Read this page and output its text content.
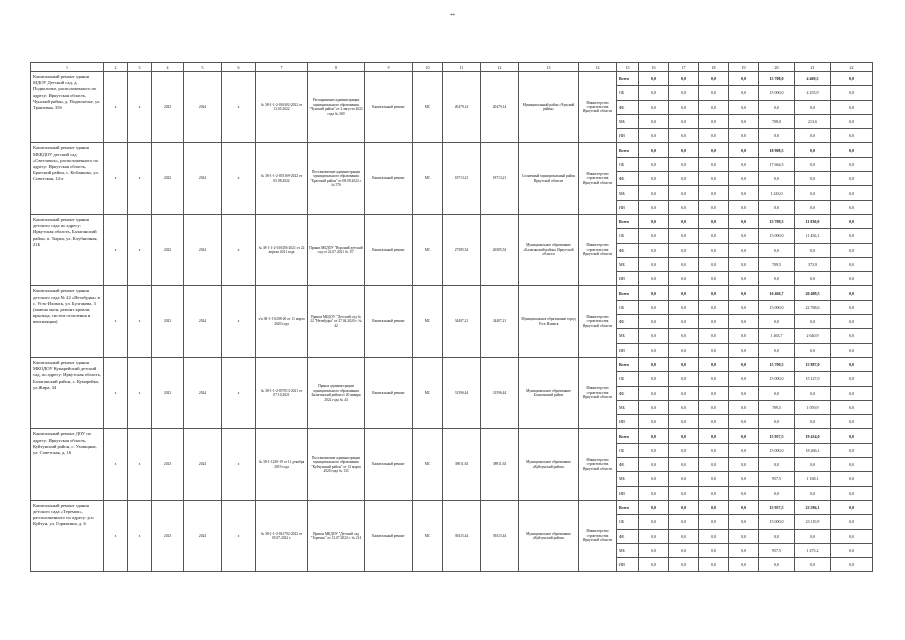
**
1	2	3	4	5	6	7	8	9	10	11	12	13	14	15	16	17	18	19	20	21	22
Капитальный ремонт здания МДОУ Детский сад, д. Подволочье, расположенного по адресу: Иркутская область, Чунский район, д. Подволочье, ул. Трактовая, 35б	х	х	2023	2024	х	№ 38-1-1-2-016302-2022 от 13.05.2022	Распоряжение администрации муниципального образования "Чунский район" от 2 августа 2022 года № 369	Капитальный ремонт	МС	20479,14	20479,14	Муниципальный район «Чунский район»	Министерство строительства Иркутской области	Всего	0,0	0,0	0,0	0,0	15 708,0	4 469,5	0,0
														ОБ	0,0	0,0	0,0	0,0	15 000,0	4 255,9	0,0
														ФБ	0,0	0,0	0,0	0,0	0,0	0,0	0,0
														МБ	0,0	0,0	0,0	0,0	708,0	213,6	0,0
														ИИ	0,0	0,0	0,0	0,0	0,0	0,0	0,0
Капитальный ремонт здания МБКДОУ детский сад «Светлячок», расположенного по адресу: Иркутская область, Братский район, с. Кобляково, ул. Советская, 14-а	х	х	2023	2024	х	№ 38-1-1-2-055169-2022 от 05.08.2022	Постановление администрации муниципального образования "Братский район" от 08.08.2022 г. № 576	Капитальный ремонт	МС	18713,21	18713,21	Солнечный муниципальный район Иркутской области	Министерство строительства Иркутской области	Всего	0,0	0,0	0,0	0,0	18 908,5	0,0	0,0
														ОБ	0,0	0,0	0,0	0,0	17 664,5	0,0	0,0
														ФБ	0,0	0,0	0,0	0,0	0,0	0,0	0,0
														МБ	0,0	0,0	0,0	0,0	1 243,0	0,0	0,0
														ИИ	0,0	0,0	0,0	0,0	0,0	0,0	0,0
Капитальный ремонт здания детского сада по адресу: Иркутская область, Балаганский район, п. Тырка, ул. Клубничная, 21Б	х	х	2023	2024	х	№ 38-1-1-2-010456-2021 от 22 апреля 2021 года	Приказ МБДОУ "Вороний детский сад от 22.07.2021 № 15"	Капитальный ремонт	МС	27585,54	26585,54	Муниципальное образование «Балаганский район» Иркутской области	Министерство строительства Иркутской области	Всего	0,0	0,0	0,0	0,0	15 709,5	11 830,0	0,0
														ОБ	0,0	0,0	0,0	0,0	15 000,0	11 456,1	0,0
														ФБ	0,0	0,0	0,0	0,0	0,0	0,0	0,0
														МБ	0,0	0,0	0,0	0,0	709,5	373,9	0,0
														ИИ	0,0	0,0	0,0	0,0	0,0	0,0	0,0
Капитальный ремонт здания детского сада № 22 «Незабудка» в с. Усть-Илимск, ул. Булгакова, 3 (замена окон, ремонт кровли, крыльца, систем отопления и вентиляции)	х	х	2023	2024	х	з/п 38-1-1-0208-20 от 11 марта 2020 года	Приказ МБДОУ "Детский сад № 22 "Незабудка" от 27.04.2020 г. № 42	Капитальный ремонт	МС	34407,21	34407,21	Муниципальное образование город Усть-Илимск	Министерство строительства Иркутской области	Всего	0,0	0,0	0,0	0,0	16 466,7	20 409,5	0,0
														ОБ	0,0	0,0	0,0	0,0	15 000,0	22 768,6	0,0
														ФБ	0,0	0,0	0,0	0,0	0,0	0,0	0,0
														МБ	0,0	0,0	0,0	0,0	1 463,7	2 640,9	0,0
														ИИ	0,0	0,0	0,0	0,0	0,0	0,0	0,0
Капитальный ремонт здания МКОДОУ Кумарейский детский сад, по адресу: Иркутская область, Балаганский район, с. Кумарейка, ул.Жира, 34	х	х	2023	2024	х	№ 38-1-1-2-057013-2021 от 07.10.2021	Приказ администрации муниципального образования Балаганский район от 20 января 2022 года № 44	Капитальный ремонт	МС	31596,44	31596,44	Муниципальное образование Балаганский район	Министерство строительства Иркутской области	Всего	0,0	0,0	0,0	0,0	15 709,5	15 887,0	0,0
														ОБ	0,0	0,0	0,0	0,0	15 000,0	15 127,0	0,0
														ФБ	0,0	0,0	0,0	0,0	0,0	0,0	0,0
														МБ	0,0	0,0	0,0	0,0	709,5	1 059,9	0,0
														ИИ	0,0	0,0	0,0	0,0	0,0	0,0	0,0
Капитальный ремонт ДОУ по адресу: Иркутская область, Куйтунский район, с. Уховщина, ул. Советская, д. 16	х	х	2023	2024	х	№ 38-1-1230-19 от 11 декабря 2019 года	Постановление администрации муниципального образования "Куйтунский район" от 12 марта 2020 года № 133	Капитальный ремонт	МС	39011,63	38911,63	Муниципальное образование «Куйтунский район»	Министерство строительства Иркутской области	Всего	0,0	0,0	0,0	0,0	15 957,5	19 434,0	0,0
														ОБ	0,0	0,0	0,0	0,0	15 000,0	18 266,1	0,0
														ФБ	0,0	0,0	0,0	0,0	0,0	0,0	0,0
														МБ	0,0	0,0	0,0	0,0	957,5	1 168,1	0,0
														ИИ	0,0	0,0	0,0	0,0	0,0	0,0	0,0
Капитальный ремонт здания детского сада «Теремок», расположенного по адресу: р.п. Куйтун, ул. Горячкина, д. 6	х	х	2023	2024	х	№ 38-1-1-2-041792-2022 от 05.07.2022 г.	Приказ МКДОУ "Детский сад "Теремок" от 13.07.2022 г. № 214	Капитальный ремонт	МС	39415,44	39415,44	Муниципальное образование «Куйтунский район»	Министерство строительства Иркутской области	Всего	0,0	0,0	0,0	0,0	15 957,5	23 586,1	0,0
														ОБ	0,0	0,0	0,0	0,0	15 000,0	23 110,9	0,0
														ФБ	0,0	0,0	0,0	0,0	0,0	0,0	0,0
														МБ	0,0	0,0	0,0	0,0	957,5	1 475,2	0,0
														ИИ	0,0	0,0	0,0	0,0	0,0	0,0	0,0
